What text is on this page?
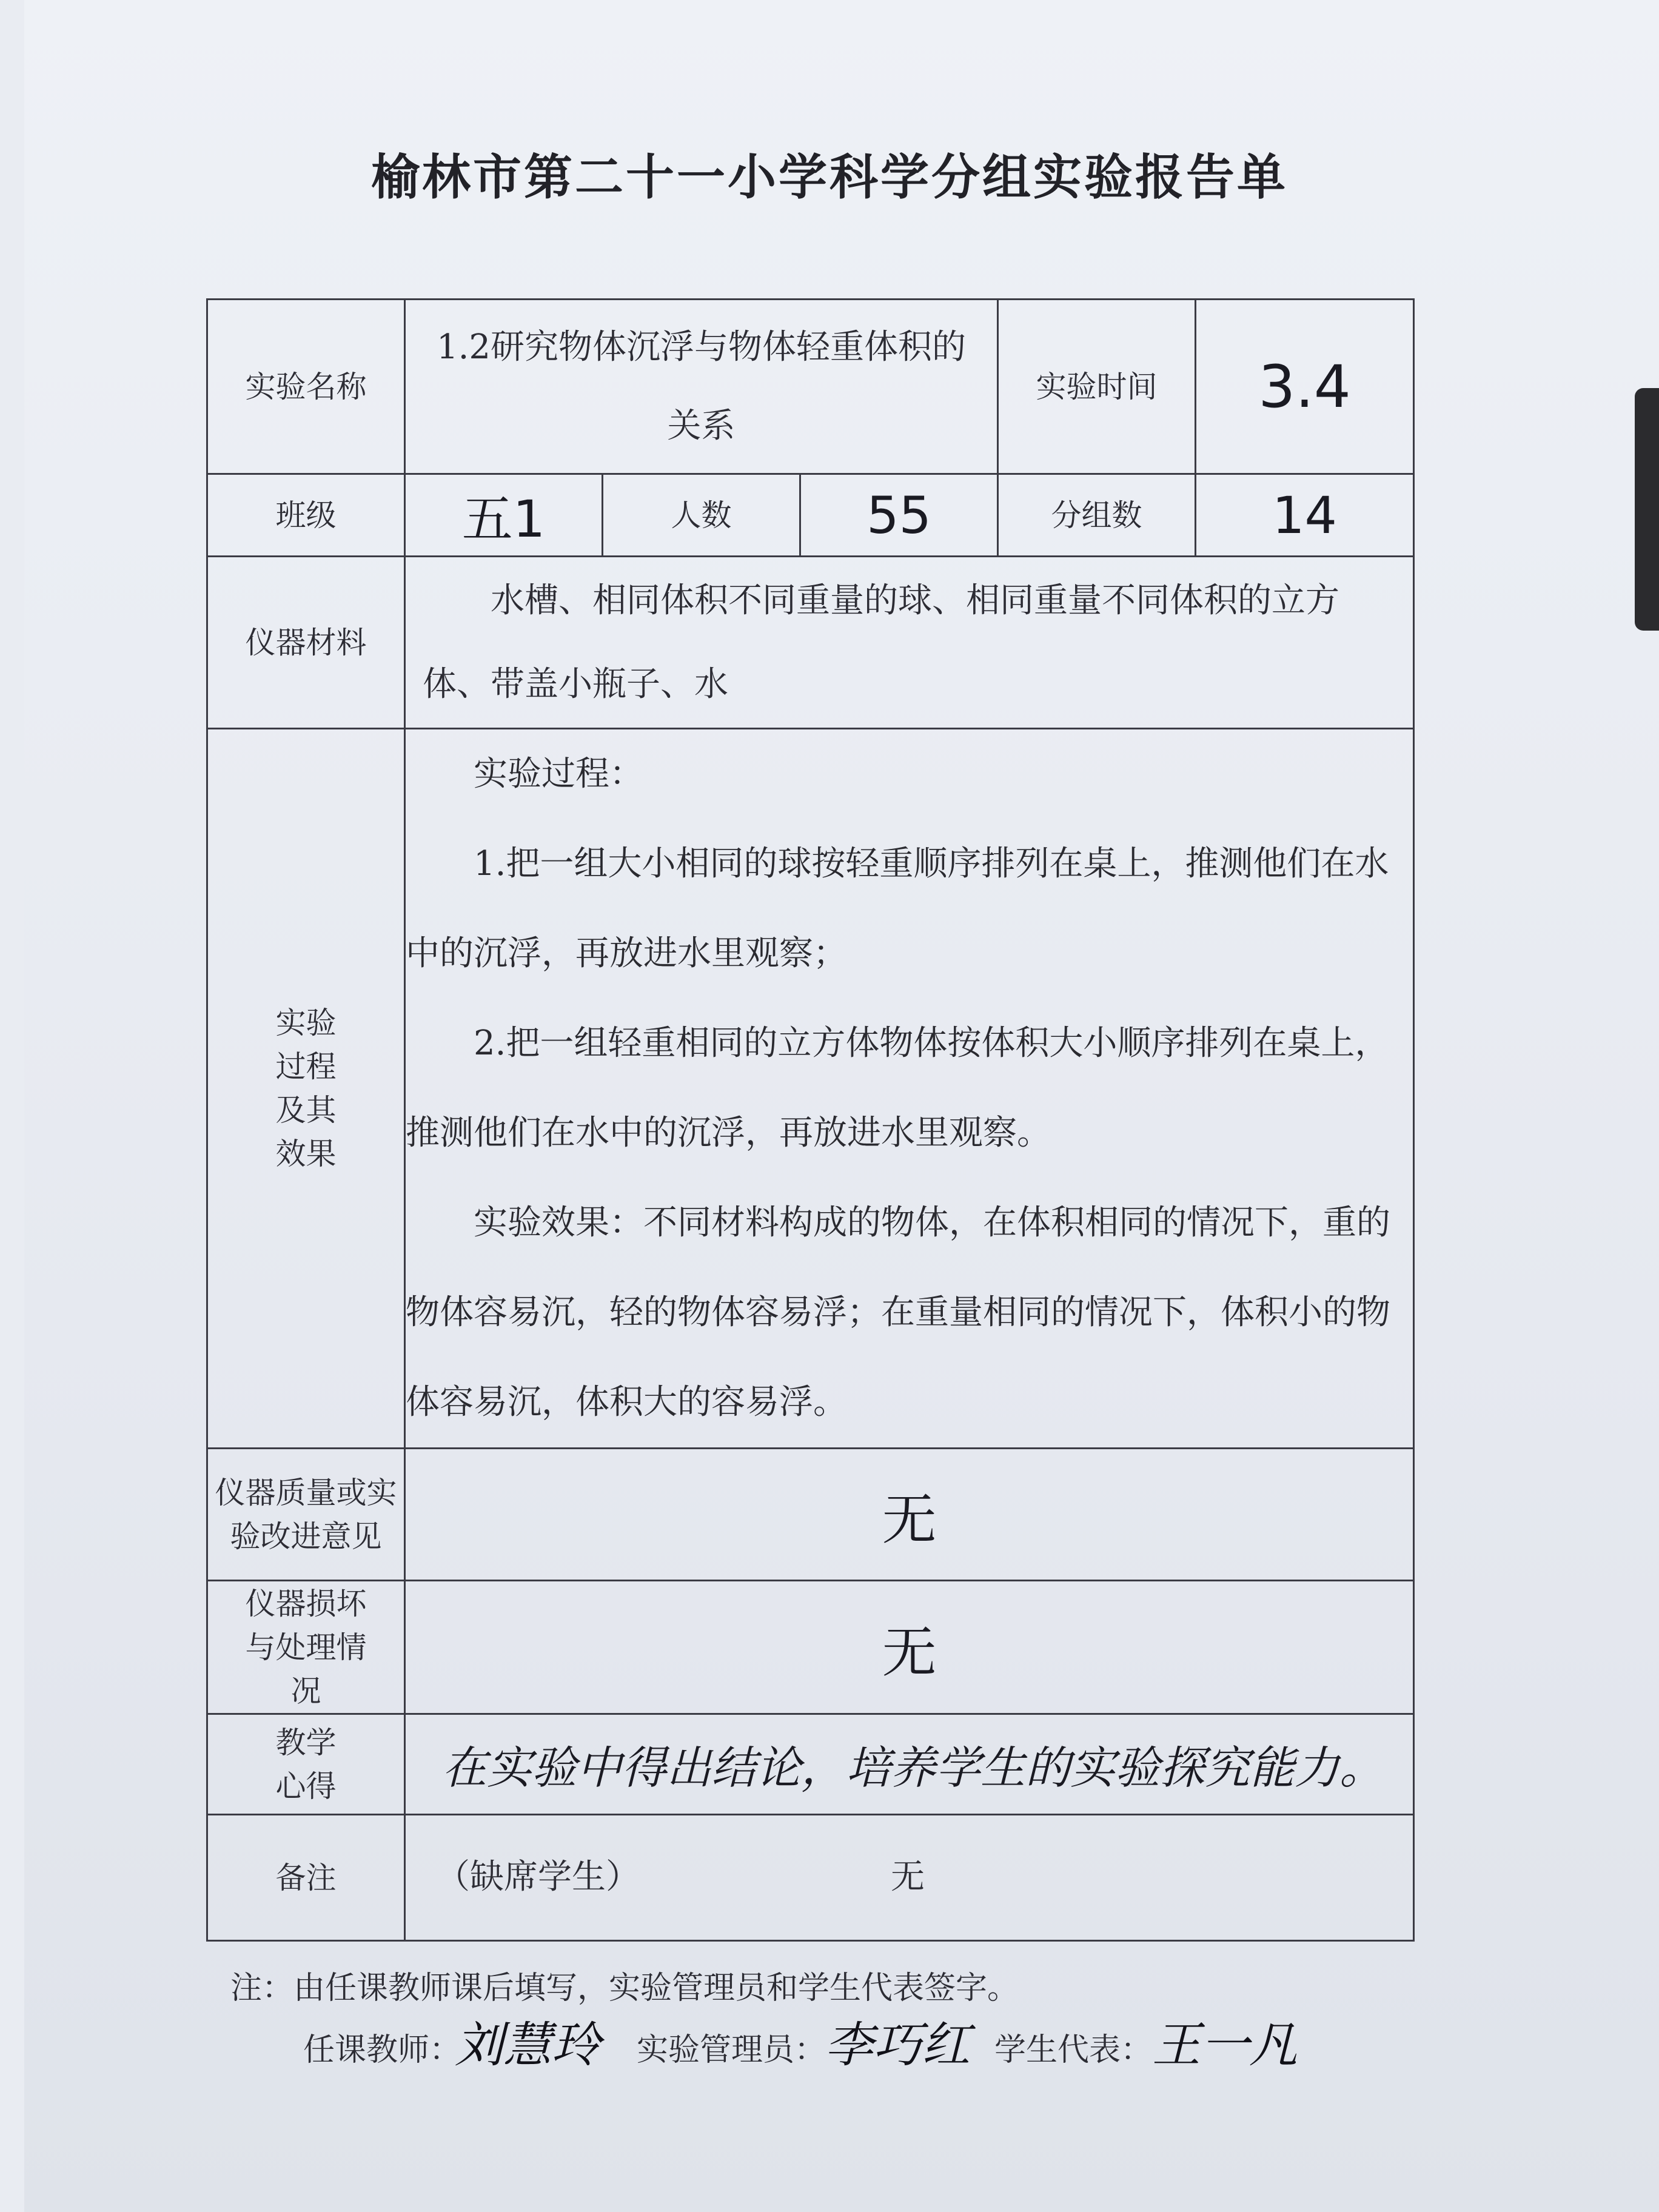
榆林市第二十一小学科学分组实验报告单
实验名称	1.2研究物体沉浮与物体轻重体积的关系			实验时间	3.4
班级	五1	人数	55	分组数	14
仪器材料	水槽、相同体积不同重量的球、相同重量不同体积的立方体、带盖小瓶子、水				

实验过程及其效果	实验过程：

1.把一组大小相同的球按轻重顺序排列在桌上，推测他们在水中的沉浮，再放进水里观察；

2.把一组轻重相同的立方体物体按体积大小顺序排列在桌上，推测他们在水中的沉浮，再放进水里观察。

实验效果：不同材料构成的物体，在体积相同的情况下，重的物体容易沉，轻的物体容易浮；在重量相同的情况下，体积小的物体容易沉，体积大的容易浮。				

仪器质量或实验改进意见	无				
仪器损坏与处理情况	无				
教学心得	在实验中得出结论，培养学生的实验探究能力。				
备注	（缺席学生） 无				
注：由任课教师课后填写，实验管理员和学生代表签字。
任课教师：
刘慧玲 实验管理员：
李巧红 学生代表： 王一凡
